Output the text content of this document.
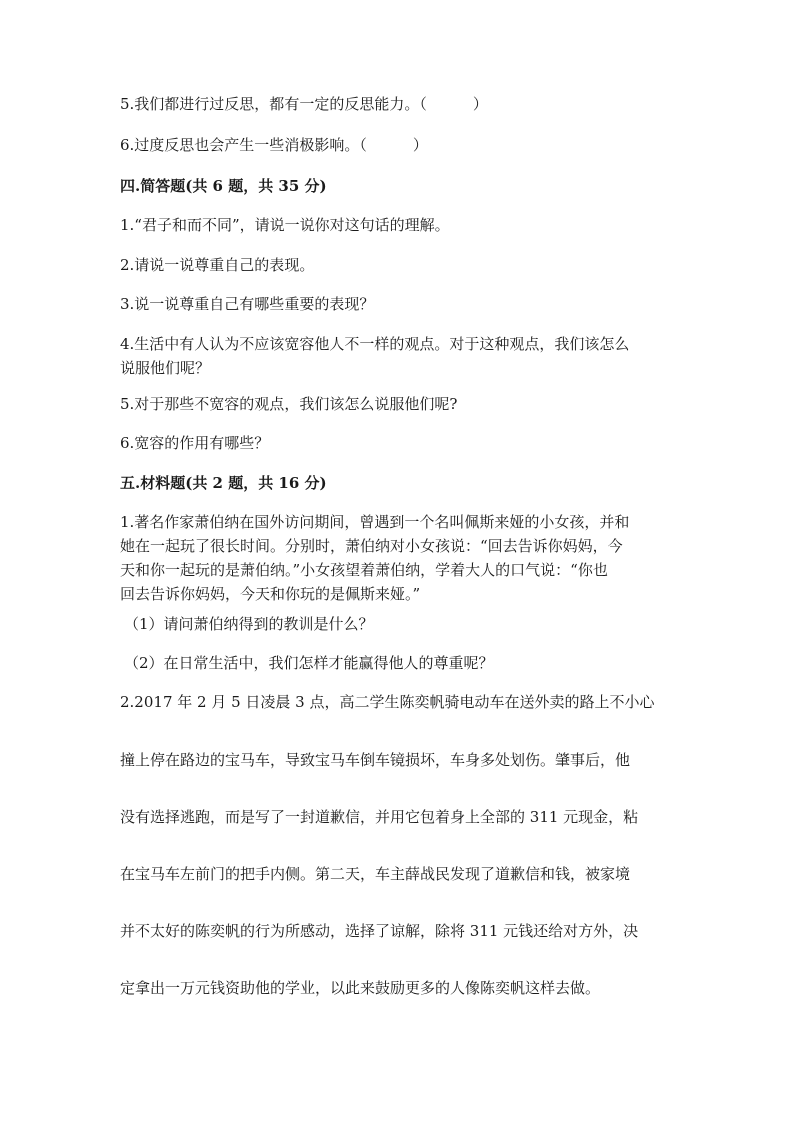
5.我们都进行过反思，都有一定的反思能力。（	）
6.过度反思也会产生一些消极影响。（	）
四.简答题(共 6 题，共 35 分)
1.“君子和而不同”，请说一说你对这句话的理解。
2.请说一说尊重自己的表现。
3.说一说尊重自己有哪些重要的表现？
4.生活中有人认为不应该宽容他人不一样的观点。对于这种观点，我们该怎么
说服他们呢？
5.对于那些不宽容的观点，我们该怎么说服他们呢?
6.宽容的作用有哪些？
五.材料题(共 2 题，共 16 分)
1.著名作家萧伯纳在国外访问期间，曾遇到一个名叫佩斯来娅的小女孩，并和
她在一起玩了很长时间。分别时，萧伯纳对小女孩说：“回去告诉你妈妈，今
天和你一起玩的是萧伯纳。”小女孩望着萧伯纳，学着大人的口气说：“你也
回去告诉你妈妈，今天和你玩的是佩斯来娅。”
（1）请问萧伯纳得到的教训是什么？
（2）在日常生活中，我们怎样才能赢得他人的尊重呢？
2.2017 年 2 月 5 日凌晨 3 点，高二学生陈奕帆骑电动车在送外卖的路上不小心
撞上停在路边的宝马车，导致宝马车倒车镜损坏，车身多处划伤。肇事后，他
没有选择逃跑，而是写了一封道歉信，并用它包着身上全部的 311 元现金，粘
在宝马车左前门的把手内侧。第二天，车主薛战民发现了道歉信和钱，被家境
并不太好的陈奕帆的行为所感动，选择了谅解，除将 311 元钱还给对方外，决
定拿出一万元钱资助他的学业，以此来鼓励更多的人像陈奕帆这样去做。
